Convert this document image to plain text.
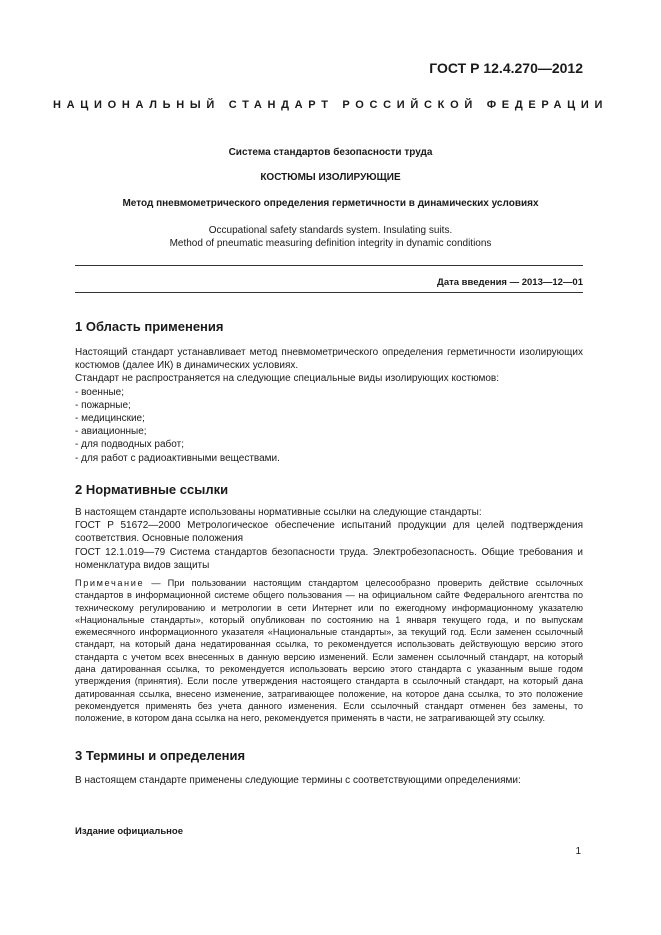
ГОСТ Р 12.4.270—2012
НАЦИОНАЛЬНЫЙ СТАНДАРТ РОССИЙСКОЙ ФЕДЕРАЦИИ
Система стандартов безопасности труда
КОСТЮМЫ ИЗОЛИРУЮЩИЕ
Метод пневмометрического определения герметичности в динамических условиях
Occupational safety standards system. Insulating suits.
Method of pneumatic measuring definition integrity in dynamic conditions
Дата введения — 2013—12—01
1 Область применения

Настоящий стандарт устанавливает метод пневмометрического определения герметичности изолирующих костюмов (далее ИК) в динамических условиях.

Стандарт не распространяется на следующие специальные виды изолирующих костюмов:

- военные;
- пожарные;
- медицинские;
- авиационные;
- для подводных работ;
- для работ с радиоактивными веществами.
2 Нормативные ссылки

В настоящем стандарте использованы нормативные ссылки на следующие стандарты:

ГОСТ Р 51672—2000 Метрологическое обеспечение испытаний продукции для целей подтверждения соответствия. Основные положения

ГОСТ 12.1.019—79 Система стандартов безопасности труда. Электробезопасность. Общие требования и номенклатура видов защиты

Примечание — При пользовании настоящим стандартом целесообразно проверить действие ссылочных стандартов в информационной системе общего пользования — на официальном сайте Федерального агентства по техническому регулированию и метрологии в сети Интернет или по ежегодному информационному указателю «Национальные стандарты», который опубликован по состоянию на 1 января текущего года, и по выпускам ежемесячного информационного указателя «Национальные стандарты», за текущий год. Если заменен ссылочный стандарт, на который дана недатированная ссылка, то рекомендуется использовать действующую версию этого стандарта с учетом всех внесенных в данную версию изменений. Если заменен ссылочный стандарт, на который дана датированная ссылка, то рекомендуется использовать версию этого стандарта с указанным выше годом утверждения (принятия). Если после утверждения настоящего стандарта в ссылочный стандарт, на который дана датированная ссылка, внесено изменение, затрагивающее положение, на которое дана ссылка, то это положение рекомендуется применять без учета данного изменения. Если ссылочный стандарт отменен без замены, то положение, в котором дана ссылка на него, рекомендуется применять в части, не затрагивающей эту ссылку.
3 Термины и определения

В настоящем стандарте применены следующие термины с соответствующими определениями:

Издание официальное
1
